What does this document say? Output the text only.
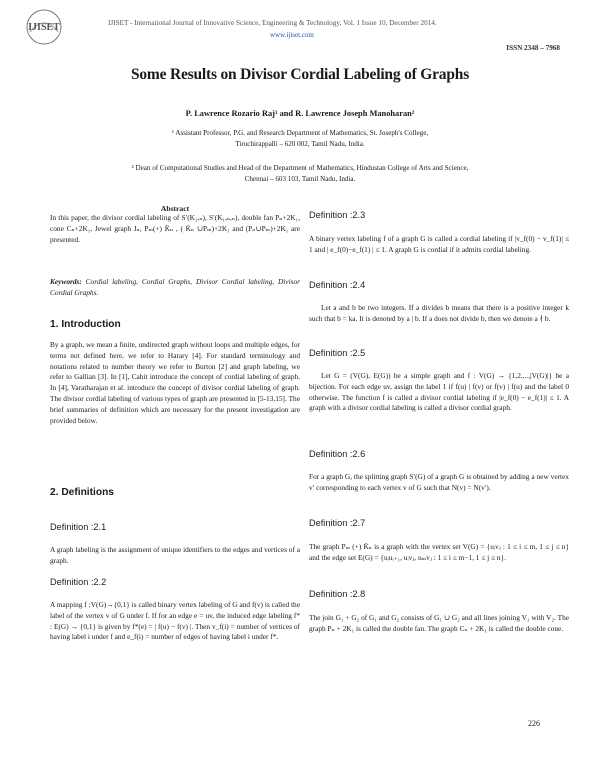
IJISET	IJISET - International Journal of Innovative Science, Engineering & Technology, Vol. 1 Issue 10, December 2014.
www.ijiset.com
ISSN 2348 – 7968
Some Results on Divisor Cordial Labeling of Graphs
P. Lawrence Rozario Raj¹ and R. Lawrence Joseph Manoharan²
¹ Assistant Professor, P.G. and Research Department of Mathematics, St. Joseph's College,
Tiruchirappalli – 620 002, Tamil Nadu, India.
² Dean of Computational Studies and Head of the Department of Mathematics, Hindustan College of Arts and Science,
Chennai – 603 103, Tamil Nadu, India.
Abstract

In this paper, the divisor cordial labeling of S′(K₂,ₙ), S′(K₁,ₙ,ₙ), double fan Pₙ+2K₁, cone Cₙ+2K₁, Jewel graph Jₙ, Pₘ(+) K̄ₙ , ( K̄ₙ ∪Pₘ)+2K₁ and (Pₙ∪Pₘ)+2K₁ are presented.

Keywords: Cordial labeling, Cordial Graphs, Divisor Cordial labeling, Divisor Cordial Graphs.

1. Introduction

By a graph, we mean a finite, undirected graph without loops and multiple edges, for terms not defined here, we refer to Harary [4]. For standard terminology and notations related to number theory we refer to Burton [2] and graph labeling, we refer to Gallian [3]. In [1], Cahit introduce the concept of cordial labeling of graph. In [4], Varatharajan et al. introduce the concept of divisor cordial labeling of graph. The divisor cordial labeling of various types of graph are presented in [5-13,15]. The brief summaries of definition which are necessary for the present investigation are provided below.

2. Definitions
Definition :2.1

A graph labeling is the assignment of unique identifiers to the edges and vertices of a graph.

Definition :2.2

A mapping f :V(G)→{0,1} is called binary vertex labeling of G and f(v) is called the label of the vertex v of G under f. If for an edge e = uv, the induced edge labeling f* : E(G) → {0,1} is given by f*(e) = | f(u) − f(v) |. Then v_f(i) = number of vertices of having label i under f and e_f(i) = number of edges of having label i under f*.

Definition :2.3

A binary vertex labeling f of a graph G is called a cordial labeling if |v_f(0) − v_f(1)| ≤ 1 and | e_f(0)−e_f(1) | ≤ 1. A graph G is cordial if it admits cordial labeling.

Definition :2.4

Let a and b be two integers. If a divides b means that there is a positive integer k such that b = ka. It is denoted by a | b. If a does not divide b, then we denote a ∤ b.

Definition :2.5

Let G = (V(G), E(G)) be a simple graph and f : V(G) → {1,2,...,|V(G)|} be a bijection. For each edge uv, assign the label 1 if f(u) | f(v) or f(v) | f(u) and the label 0 otherwise. The function f is called a divisor cordial labeling if |e_f(0) − e_f(1)| ≤ 1. A graph with a divisor cordial labeling is called a divisor cordial graph.

Definition :2.6

For a graph G, the splitting graph S′(G) of a graph G is obtained by adding a new vertex v′ corresponding to each vertex v of G such that N(v) = N(v′).

Definition :2.7

The graph Pₘ (+) K̄ₙ is a graph with the vertex set V(G) = {uᵢvⱼ : 1 ≤ i ≤ m, 1 ≤ j ≤ n} and the edge set E(G) = {uᵢuᵢ₊₁, uᵢvⱼ, uₘvⱼ : 1 ≤ i ≤ m−1, 1 ≤ j ≤ n}.

Definition :2.8

The join G₁ + G₂ of G₁ and G₂ consists of G₁ ∪ G₂ and all lines joining V₁ with V₂. The graph Pₙ + 2K₁ is called the double fan. The graph Cₙ + 2K₁ is called the double cone.

226
